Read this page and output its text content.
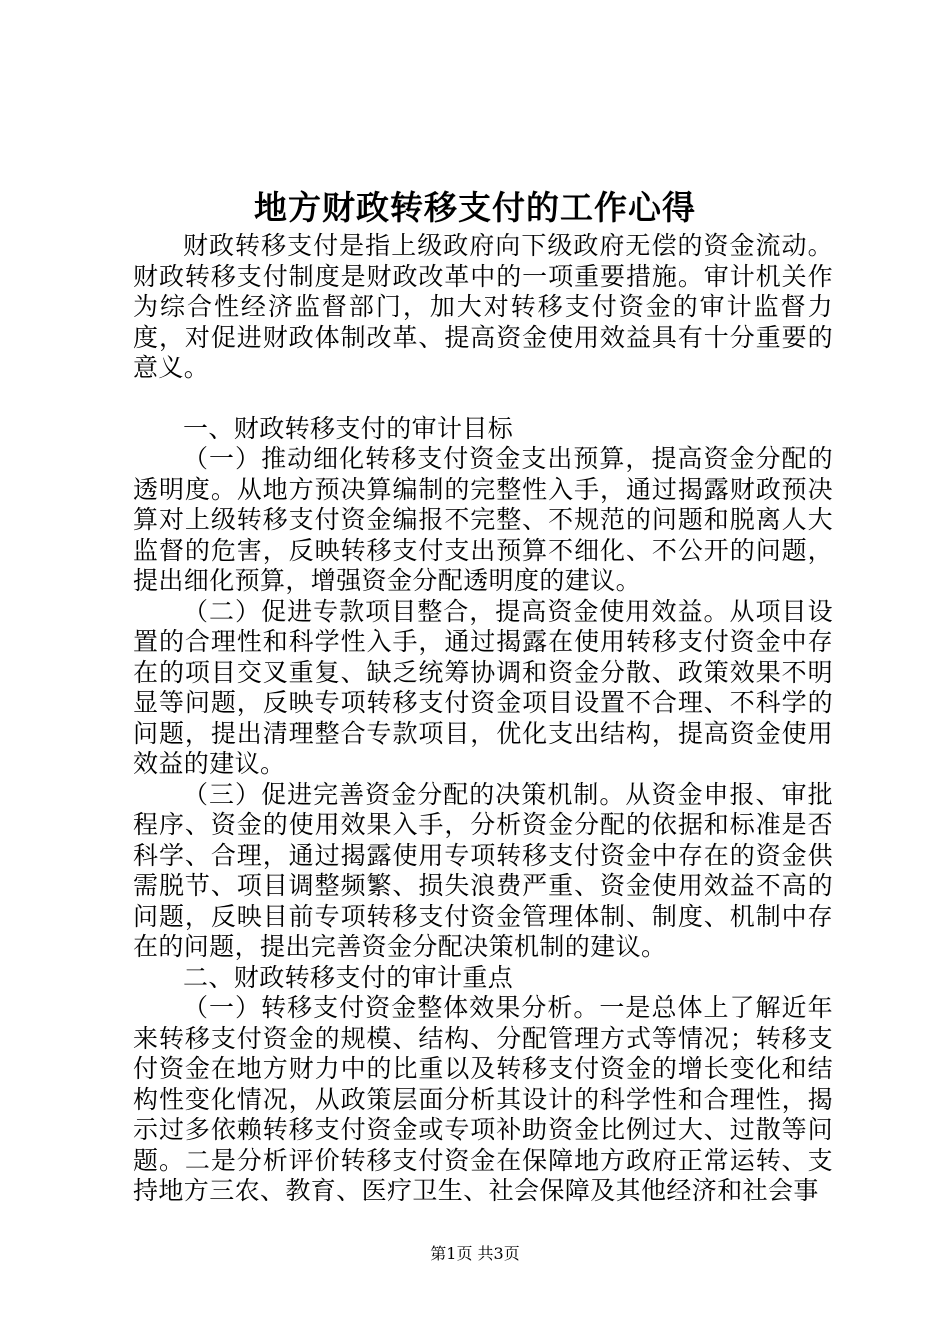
地方财政转移支付的工作心得

财政转移支付是指上级政府向下级政府无偿的资金流动。财政转移支付制度是财政改革中的一项重要措施。审计机关作为综合性经济监督部门，加大对转移支付资金的审计监督力度，对促进财政体制改革、提高资金使用效益具有十分重要的意义。

一、财政转移支付的审计目标

（一）推动细化转移支付资金支出预算，提高资金分配的透明度。从地方预决算编制的完整性入手，通过揭露财政预决算对上级转移支付资金编报不完整、不规范的问题和脱离人大监督的危害，反映转移支付支出预算不细化、不公开的问题，提出细化预算，增强资金分配透明度的建议。

（二）促进专款项目整合，提高资金使用效益。从项目设置的合理性和科学性入手，通过揭露在使用转移支付资金中存在的项目交叉重复、缺乏统筹协调和资金分散、政策效果不明显等问题，反映专项转移支付资金项目设置不合理、不科学的问题，提出清理整合专款项目，优化支出结构，提高资金使用效益的建议。

（三）促进完善资金分配的决策机制。从资金申报、审批程序、资金的使用效果入手，分析资金分配的依据和标准是否科学、合理，通过揭露使用专项转移支付资金中存在的资金供需脱节、项目调整频繁、损失浪费严重、资金使用效益不高的问题，反映目前专项转移支付资金管理体制、制度、机制中存在的问题，提出完善资金分配决策机制的建议。

二、财政转移支付的审计重点

（一）转移支付资金整体效果分析。一是总体上了解近年来转移支付资金的规模、结构、分配管理方式等情况；转移支付资金在地方财力中的比重以及转移支付资金的增长变化和结构性变化情况，从政策层面分析其设计的科学性和合理性，揭示过多依赖转移支付资金或专项补助资金比例过大、过散等问题。二是分析评价转移支付资金在保障地方政府正常运转、支持地方三农、教育、医疗卫生、社会保障及其他经济和社会事

第1页 共3页
